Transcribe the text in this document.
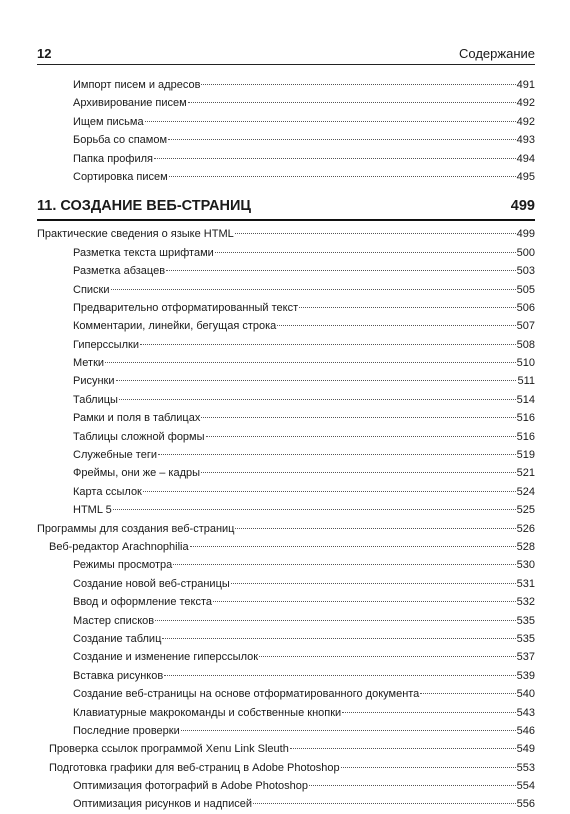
12	Содержание
Импорт писем и адресов	491
Архивирование писем	492
Ищем письма	492
Борьба со спамом	493
Папка профиля	494
Сортировка писем	495
11. СОЗДАНИЕ ВЕБ-СТРАНИЦ	499
Практические сведения о языке HTML	499
Разметка текста шрифтами	500
Разметка абзацев	503
Списки	505
Предварительно отформатированный текст	506
Комментарии, линейки, бегущая строка	507
Гиперссылки	508
Метки	510
Рисунки	511
Таблицы	514
Рамки и поля в таблицах	516
Таблицы сложной формы	516
Служебные теги	519
Фреймы, они же – кадры	521
Карта ссылок	524
HTML 5	525
Программы для создания веб-страниц	526
Веб-редактор Arachnophilia	528
Режимы просмотра	530
Создание новой веб-страницы	531
Ввод и оформление текста	532
Мастер списков	535
Создание таблиц	535
Создание и изменение гиперссылок	537
Вставка рисунков	539
Создание веб-страницы на основе отформатированного документа	540
Клавиатурные макрокоманды и собственные кнопки	543
Последние проверки	546
Проверка ссылок программой Xenu Link Sleuth	549
Подготовка графики для веб-страниц в Adobe Photoshop	553
Оптимизация фотографий в Adobe Photoshop	554
Оптимизация рисунков и надписей	556
